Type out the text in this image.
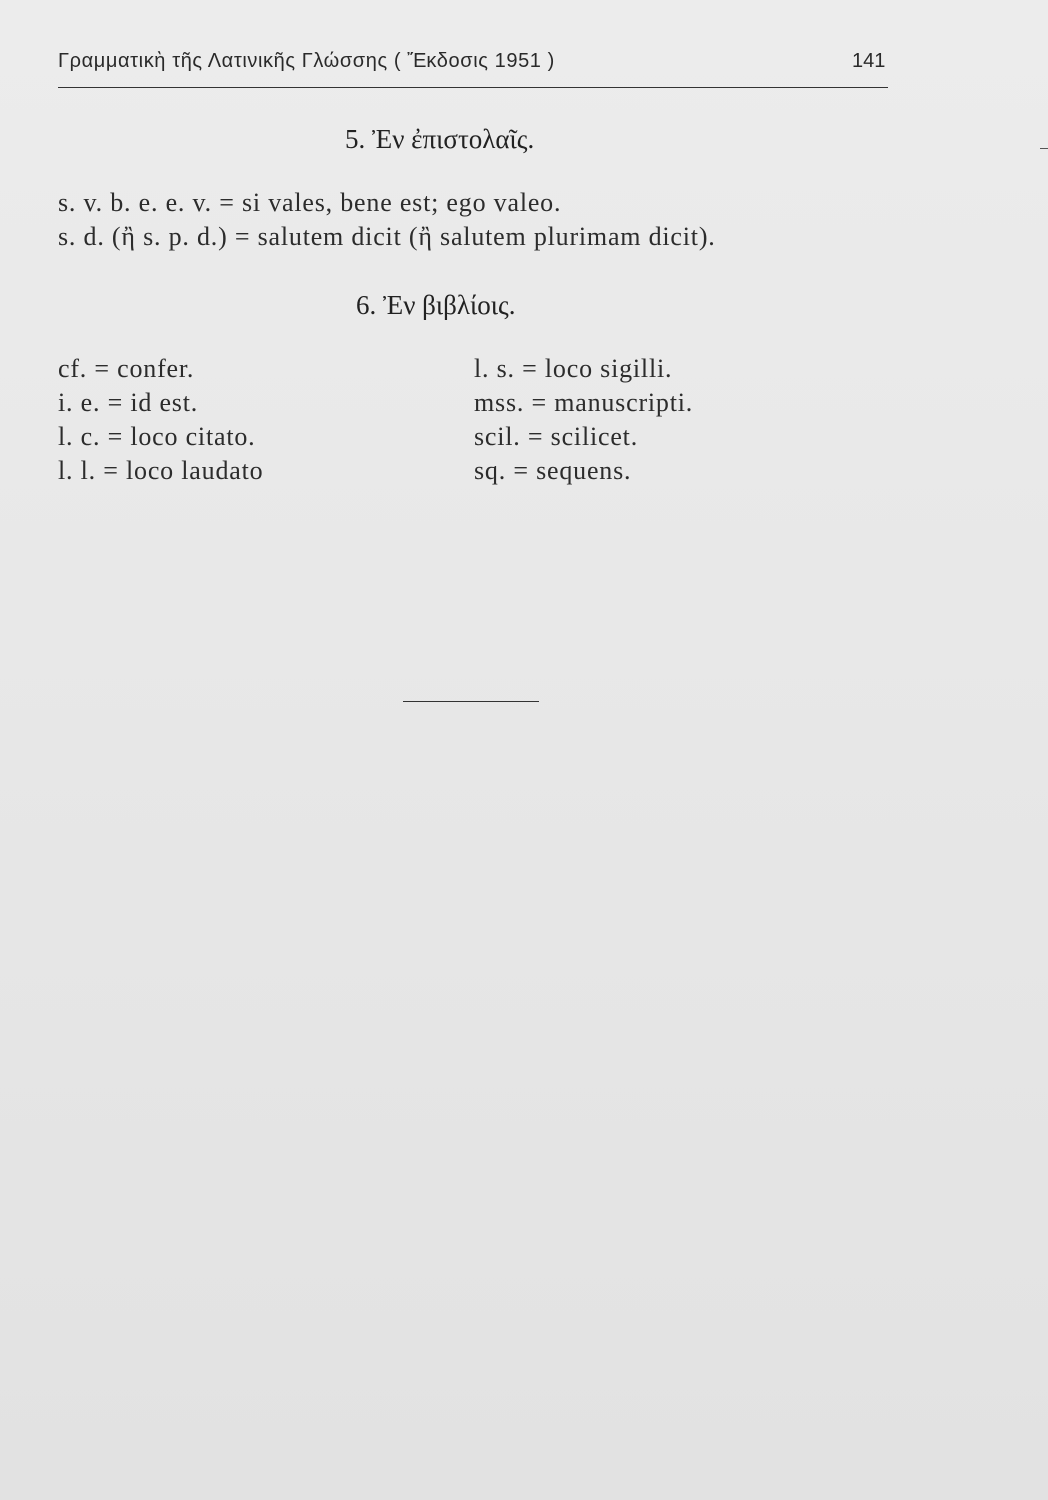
Γραμματικὴ τῆς Λατινικῆς Γλώσσης ( Ἔκδοσις 1951 )	141
5. Ἐν ἐπιστολαῖς.
s. v. b. e. e. v. = si vales, bene est; ego valeo.
s. d. (ἢ s. p. d.) = salutem dicit (ἢ salutem plurimam dicit).
6. Ἐν βιβλίοις.
cf. = confer.
i. e. = id est.
l. c. = loco citato.
l. l. = loco laudato
l. s. = loco sigilli.
mss. = manuscripti.
scil. = scilicet.
sq. = sequens.
